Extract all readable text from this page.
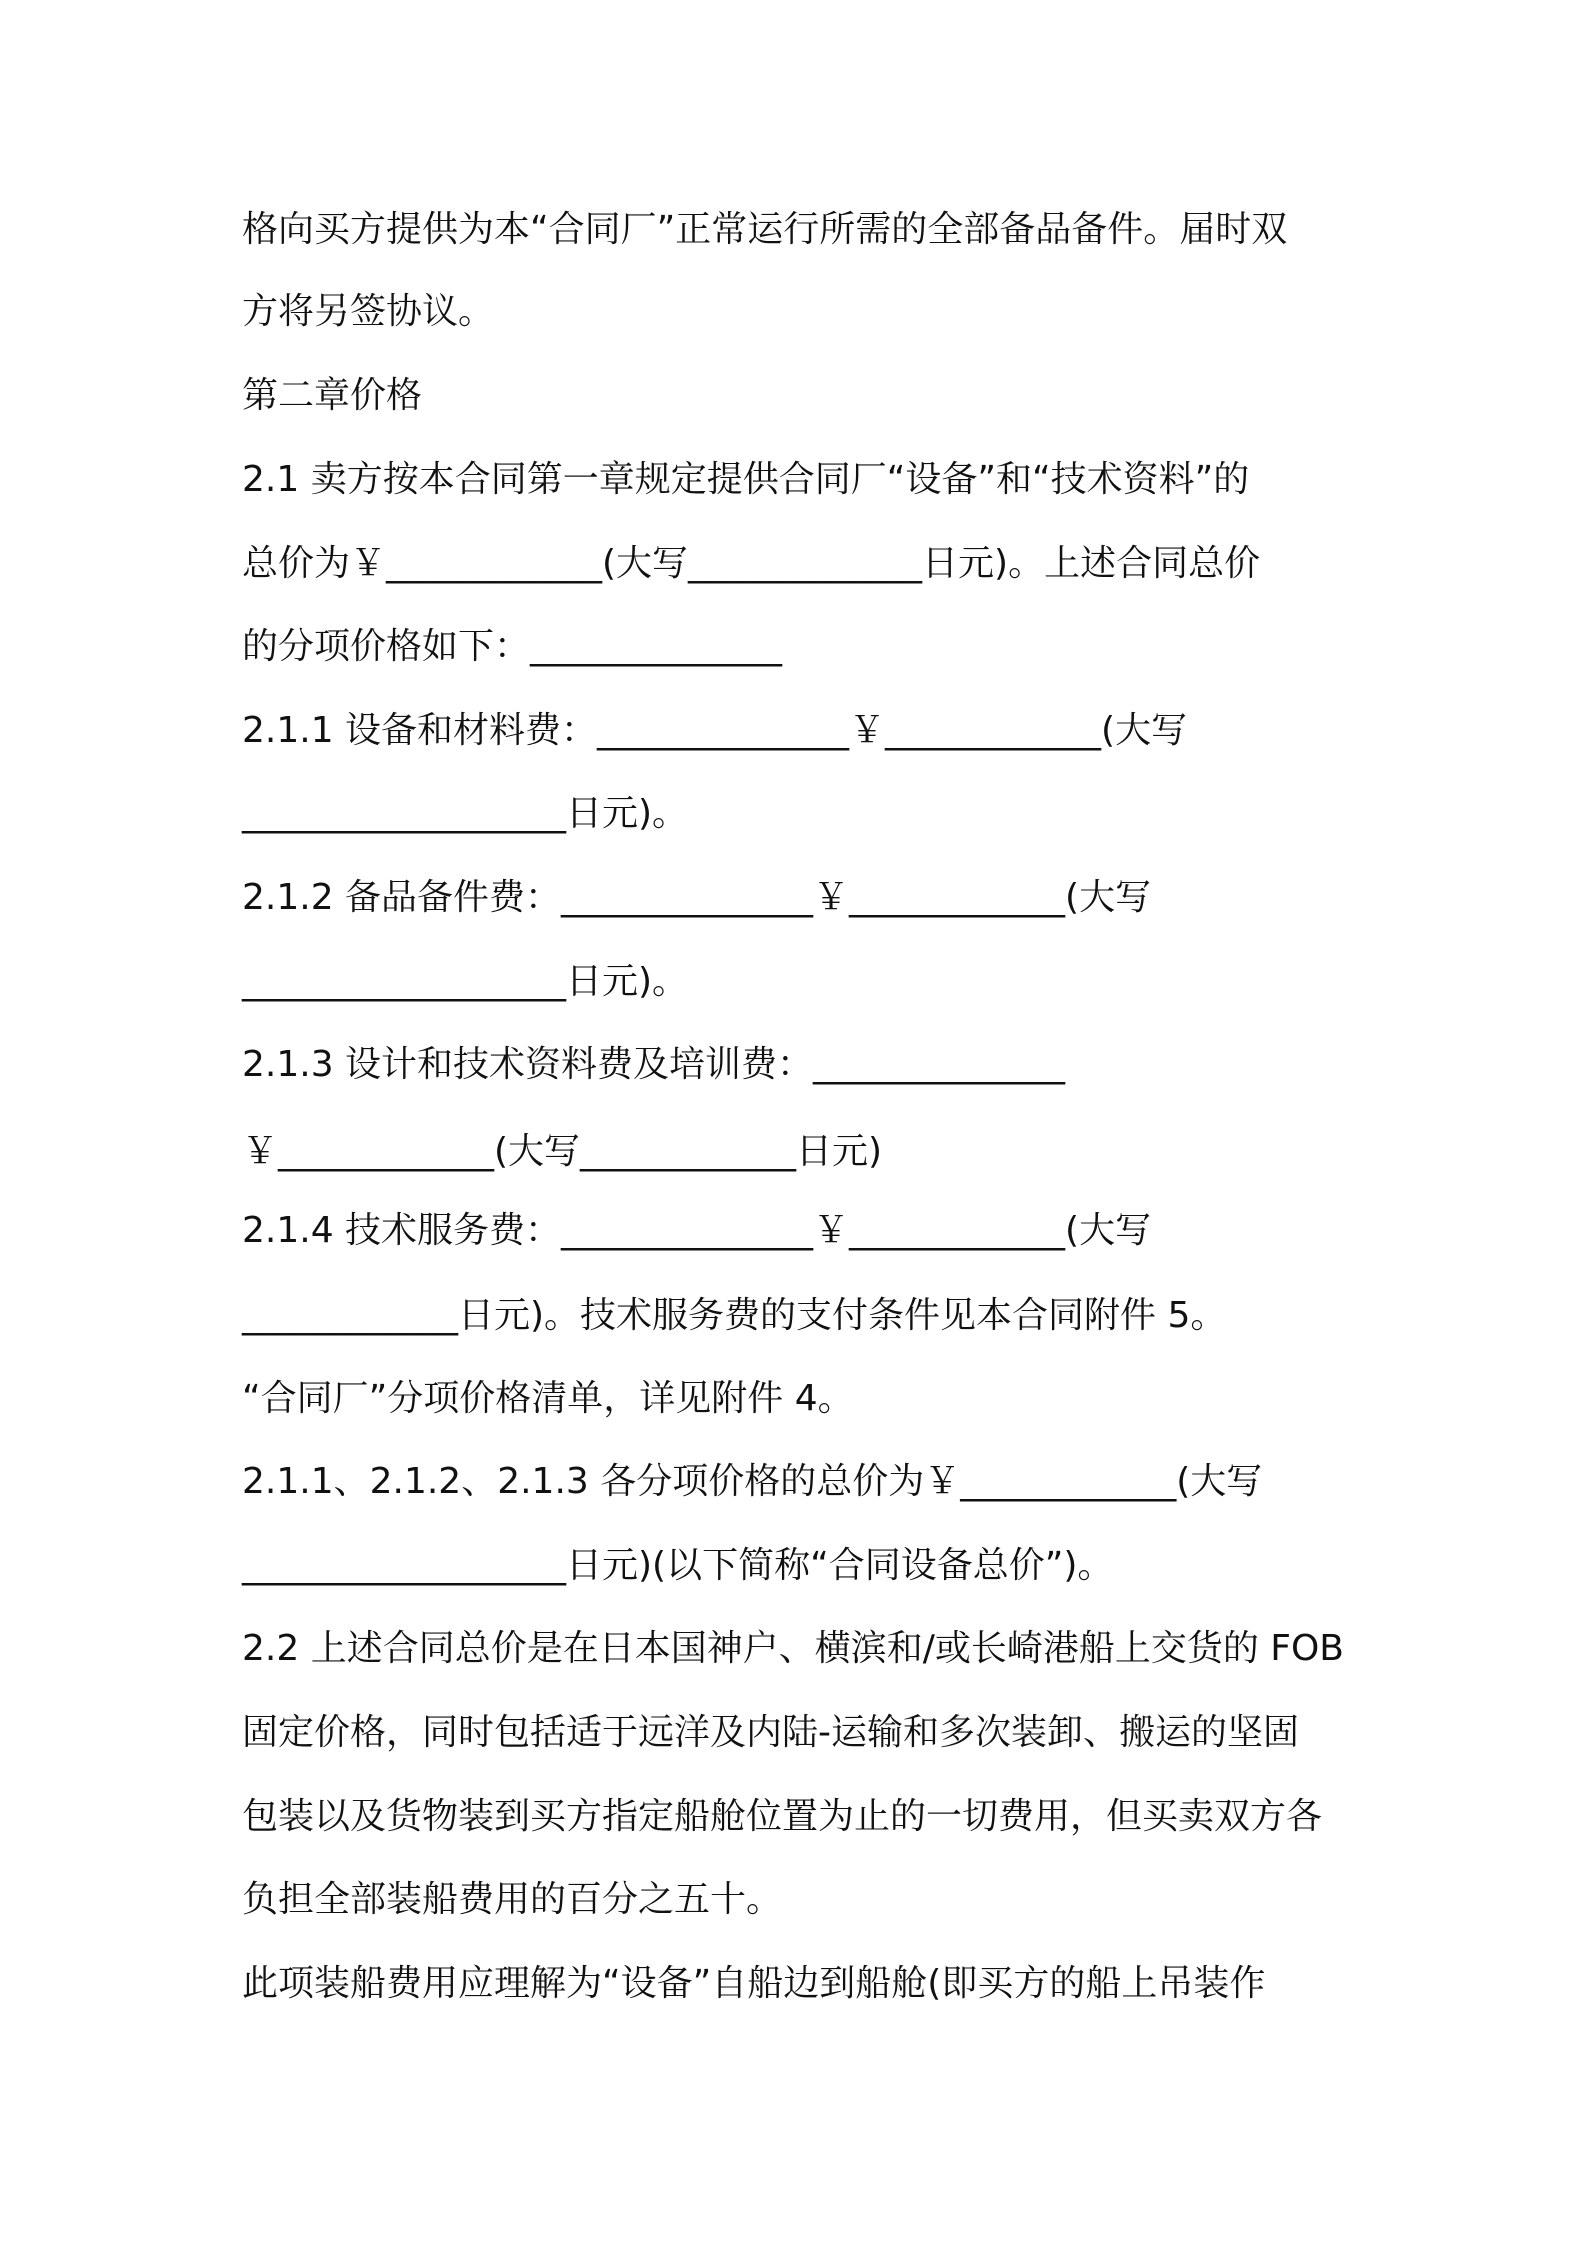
格向买方提供为本“合同厂”正常运行所需的全部备品备件。届时双

方将另签协议。

第二章价格

2.1 卖方按本合同第一章规定提供合同厂“设备”和“技术资料”的

总价为￥____________(大写_____________日元)。上述合同总价

的分项价格如下：______________

2.1.1 设备和材料费：______________￥____________(大写

__________________日元)。

2.1.2 备品备件费：______________￥____________(大写

__________________日元)。

2.1.3 设计和技术资料费及培训费：______________

￥____________(大写____________日元)

2.1.4 技术服务费：______________￥____________(大写

____________日元)。技术服务费的支付条件见本合同附件 5。

“合同厂”分项价格清单，详见附件 4。

2.1.1、2.1.2、2.1.3 各分项价格的总价为￥____________(大写

__________________日元)(以下简称“合同设备总价”)。

2.2 上述合同总价是在日本国神户、横滨和/或长崎港船上交货的 FOB

固定价格，同时包括适于远洋及内陆-运输和多次装卸、搬运的坚固

包装以及货物装到买方指定船舱位置为止的一切费用，但买卖双方各

负担全部装船费用的百分之五十。

此项装船费用应理解为“设备”自船边到船舱(即买方的船上吊装作
